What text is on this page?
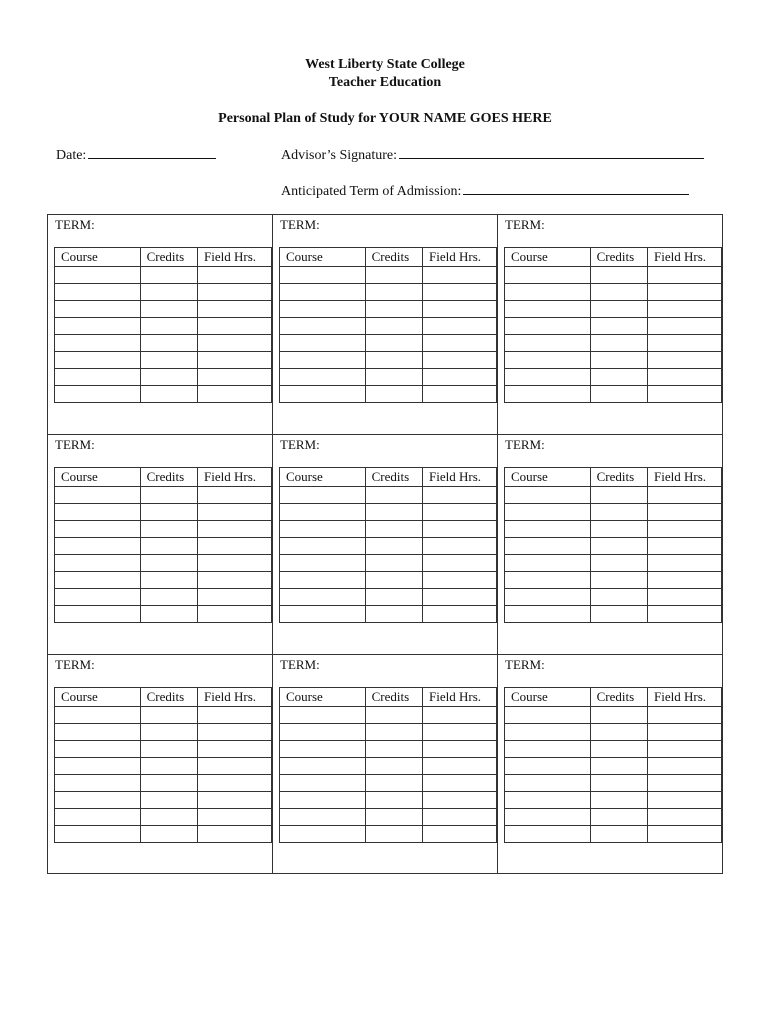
West Liberty State College
Teacher Education
Personal Plan of Study for YOUR NAME GOES HERE
Date:	Advisor’s Signature:
Anticipated Term of Admission:
TERM:
Course	Credits	Field Hrs.

TERM:
Course	Credits	Field Hrs.

TERM:
Course	Credits	Field Hrs.

TERM:
Course	Credits	Field Hrs.

TERM:
Course	Credits	Field Hrs.

TERM:
Course	Credits	Field Hrs.

TERM:
Course	Credits	Field Hrs.

TERM:
Course	Credits	Field Hrs.

TERM:
Course	Credits	Field Hrs.
